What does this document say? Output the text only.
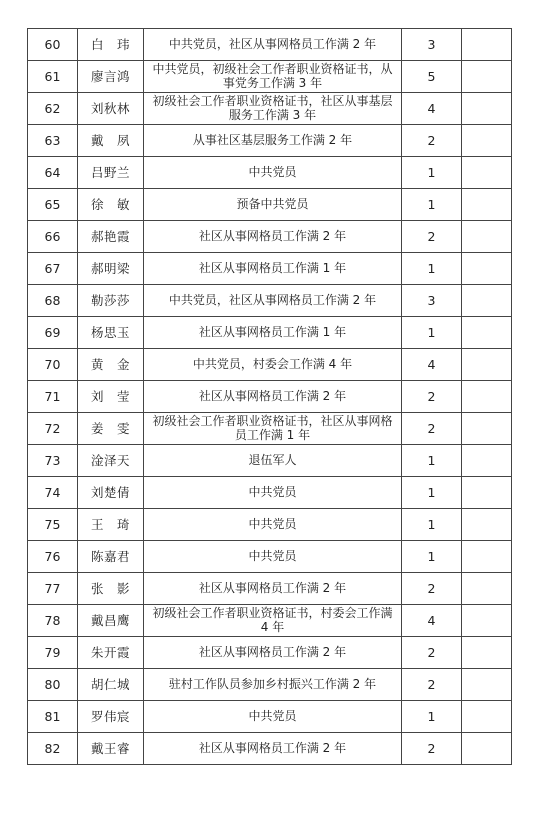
60	白　玮	中共党员，社区从事网格员工作满 2 年	3	
61	廖言鸿	中共党员，初级社会工作者职业资格证书，从事党务工作满 3 年	5	
62	刘秋林	初级社会工作者职业资格证书，社区从事基层服务工作满 3 年	4	
63	戴　夙	从事社区基层服务工作满 2 年	2	
64	吕野兰	中共党员	1	
65	徐　敏	预备中共党员	1	
66	郝艳霞	社区从事网格员工作满 2 年	2	
67	郝明梁	社区从事网格员工作满 1 年	1	
68	勒莎莎	中共党员，社区从事网格员工作满 2 年	3	
69	杨思玉	社区从事网格员工作满 1 年	1	
70	黄　金	中共党员，村委会工作满 4 年	4	
71	刘　莹	社区从事网格员工作满 2 年	2	
72	姜　雯	初级社会工作者职业资格证书，社区从事网格员工作满 1 年	2	
73	淦泽天	退伍军人	1	
74	刘楚倩	中共党员	1	
75	王　琦	中共党员	1	
76	陈嘉君	中共党员	1	
77	张　影	社区从事网格员工作满 2 年	2	
78	戴昌鹰	初级社会工作者职业资格证书，村委会工作满 4 年	4	
79	朱开霞	社区从事网格员工作满 2 年	2	
80	胡仁城	驻村工作队员参加乡村振兴工作满 2 年	2	
81	罗伟宸	中共党员	1	
82	戴王睿	社区从事网格员工作满 2 年	2	
